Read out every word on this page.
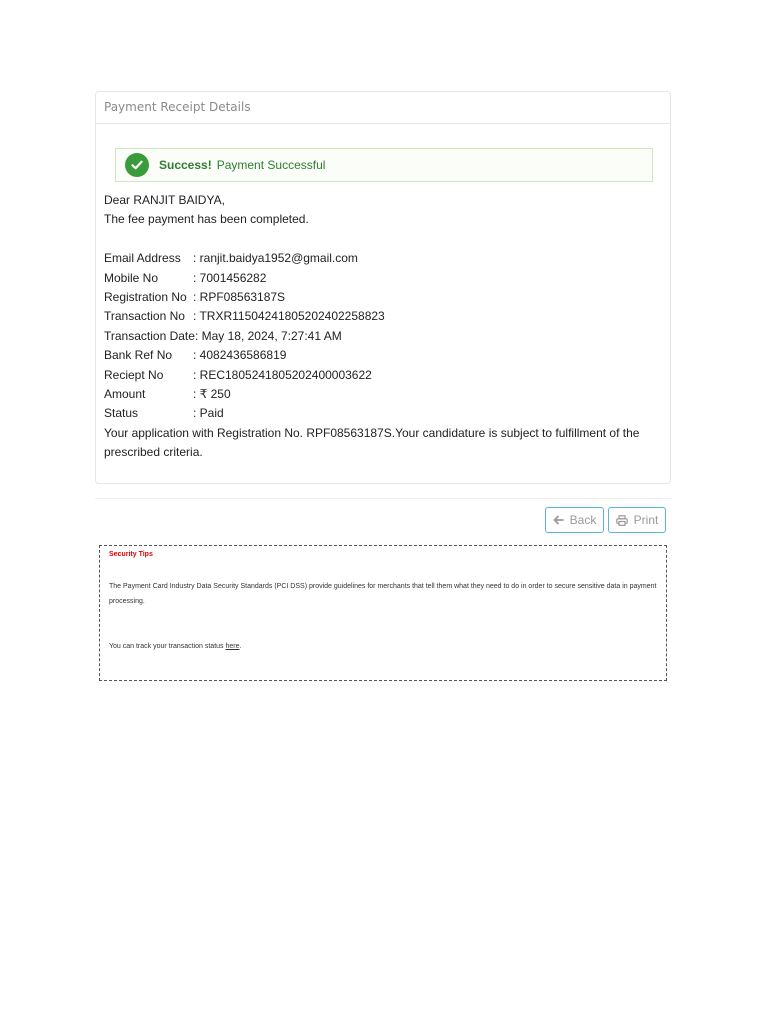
Payment Receipt Details
Success! Payment Successful
Dear RANJIT BAIDYA,
The fee payment has been completed.
Email Address	: ranjit.baidya1952@gmail.com
Mobile No	: 7001456282
Registration No : RPF08563187S
Transaction No : TRXR11504241805202402258823
Transaction Date : May 18, 2024, 7:27:41 AM
Bank Ref No	: 4082436586819
Reciept No	: REC18052418052024000036​22
Amount	: ₹ 250
Status	: Paid
Your application with Registration No. RPF08563187S.Your candidature is subject to fulfillment of the prescribed criteria.
Back	Print
Security Tips
The Payment Card Industry Data Security Standards (PCI DSS) provide guidelines for merchants that tell them what they need to do in order to secure sensitive data in payment processing.
You can track your transaction status here.
